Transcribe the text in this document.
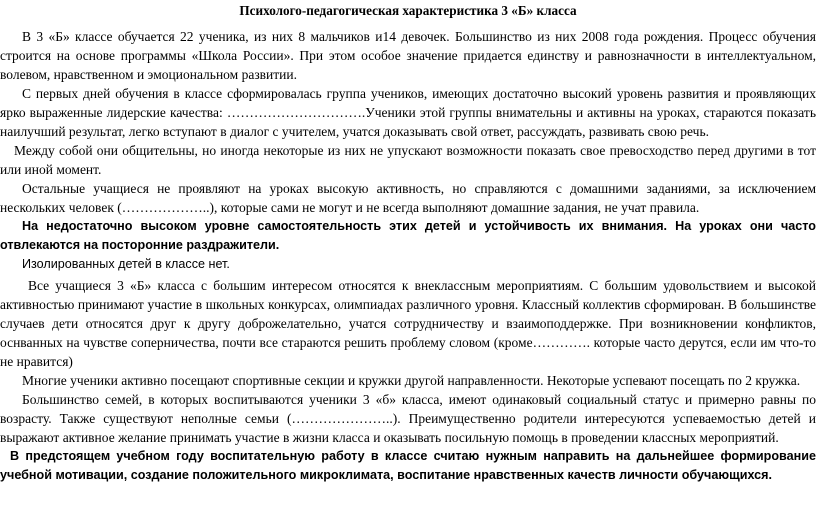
Психолого-педагогическая характеристика 3 «Б» класса

В 3 «Б» классе обучается 22 ученика, из них 8 мальчиков и14 девочек. Большинство из них 2008 года рождения. Процесс обучения строится на основе программы «Школа России». При этом особое значение придается единству и равнозначности в интеллектуальном, волевом, нравственном и эмоциональном развитии.

С первых дней обучения в классе сформировалась группа учеников, имеющих достаточно высокий уровень развития и проявляющих ярко выраженные лидерские качества: ………………………….Ученики этой группы внимательны и активны на уроках, стараются показать наилучший результат, легко вступают в диалог с учителем, учатся доказывать свой ответ, рассуждать, развивать свою речь.

Между собой они общительны, но иногда некоторые из них не упускают возможности показать свое превосходство перед другими в тот или иной момент.

Остальные учащиеся не проявляют на уроках высокую активность, но справляются с домашними заданиями, за исключением нескольких человек (………………..), которые сами не могут и не всегда выполняют домашние задания, не учат правила.

На недостаточно высоком уровне самостоятельность этих детей и устойчивость их внимания. На уроках они часто отвлекаются на посторонние раздражители.

Изолированных детей в классе нет.

Все учащиеся 3 «Б» класса с большим интересом относятся к внеклассным мероприятиям. С большим удовольствием и высокой активностью принимают участие в школьных конкурсах, олимпиадах различного уровня. Классный коллектив сформирован. В большинстве случаев дети относятся друг к другу доброжелательно, учатся сотрудничеству и взаимоподдержке. При возникновении конфликтов, оснванных на чувстве соперничества, почти все стараются решить проблему словом (кроме…………. которые часто дерутся, если им что-то не нравится)

Многие ученики активно посещают спортивные секции и кружки другой направленности. Некоторые успевают посещать по 2 кружка.

Большинство семей, в которых воспитываются ученики 3 «б» класса, имеют одинаковый социальный статус и примерно равны по возрасту. Также существуют неполные семьи (…………………..). Преимущественно родители интересуются успеваемостью детей и выражают активное желание принимать участие в жизни класса и оказывать посильную помощь в проведении классных мероприятий.

В предстоящем учебном году воспитательную работу в классе считаю нужным направить на дальнейшее формирование учебной мотивации, создание положительного микроклимата, воспитание нравственных качеств личности обучающихся.
